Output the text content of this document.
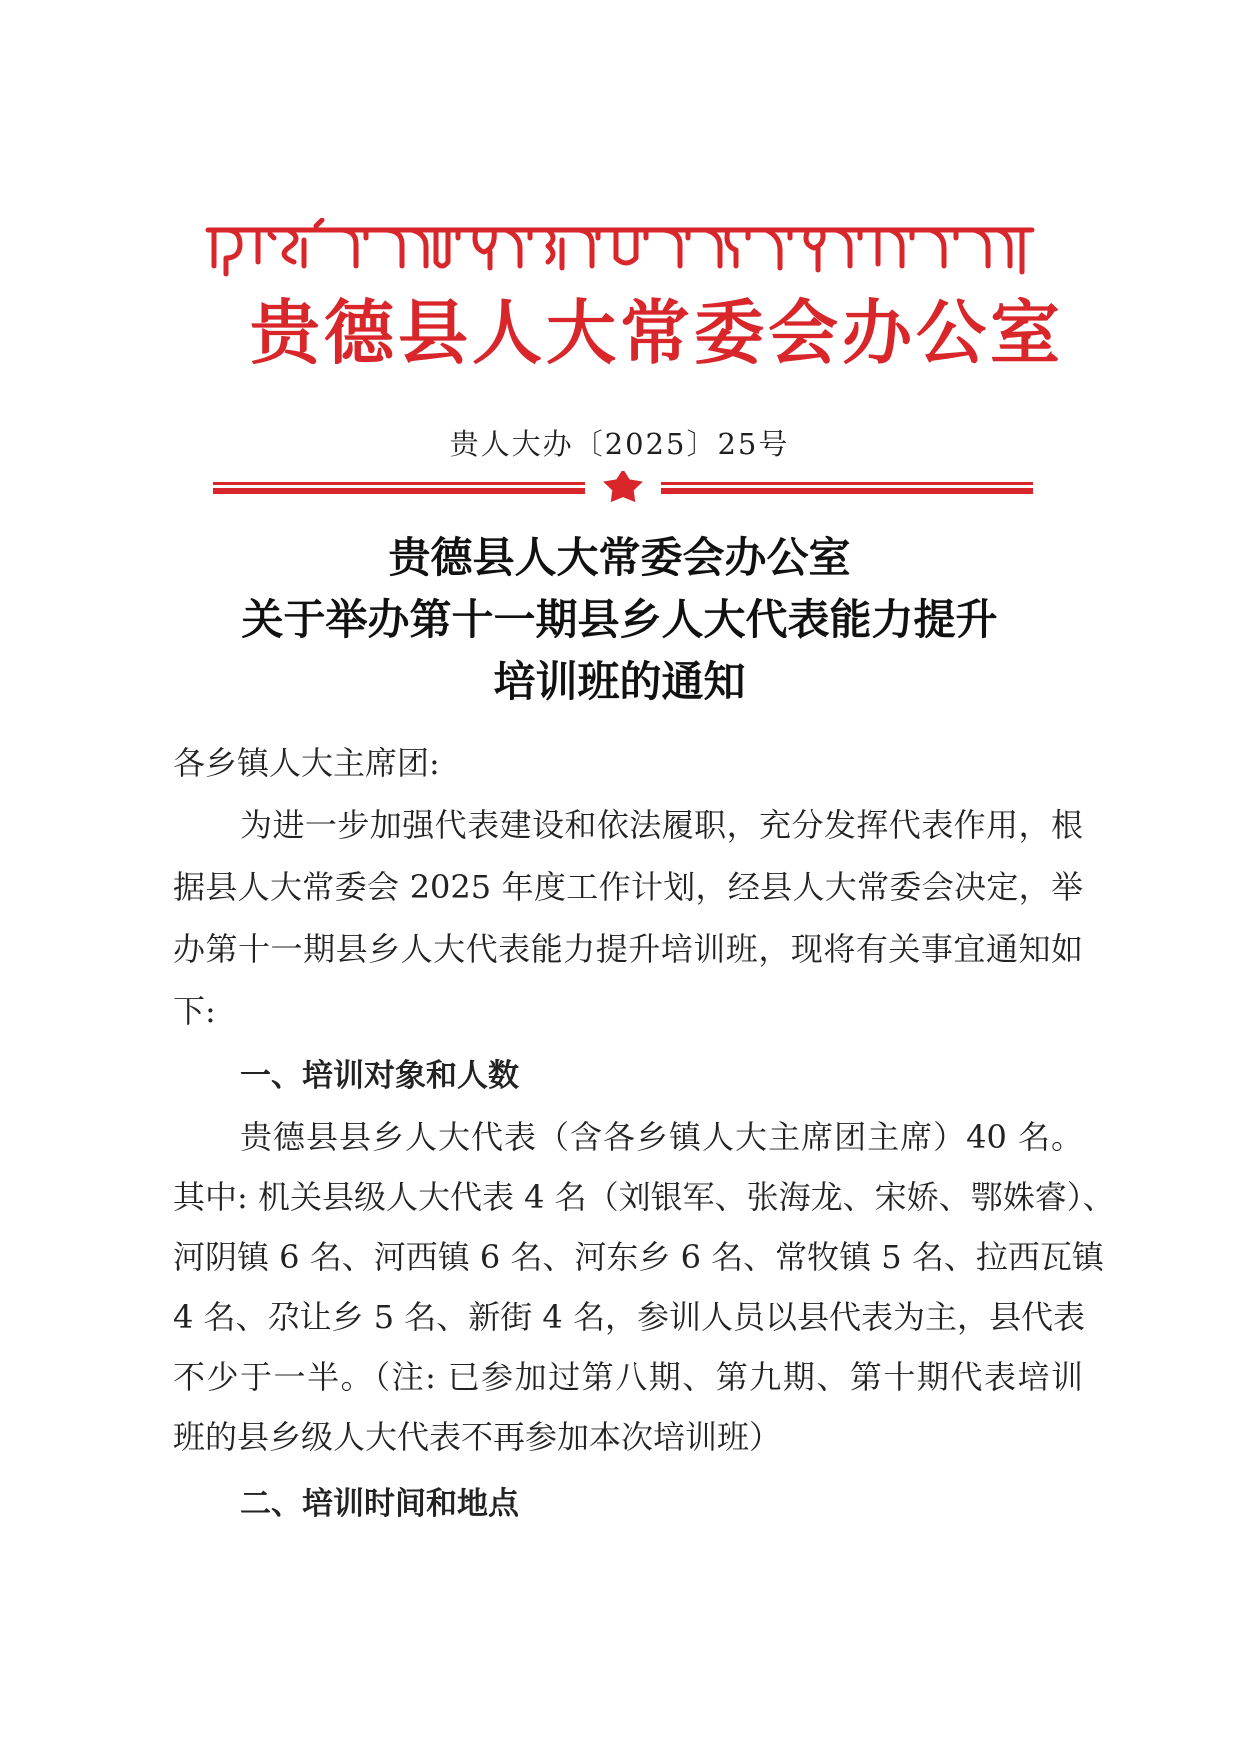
贵德县人大常委会办公室
贵人大办〔2025〕25号
贵德县人大常委会办公室
关于举办第十一期县乡人大代表能力提升
培训班的通知
各乡镇人大主席团:
为进一步加强代表建设和依法履职，充分发挥代表作用，根
据县人大常委会 2025 年度工作计划，经县人大常委会决定，举
办第十一期县乡人大代表能力提升培训班，现将有关事宜通知如
下:
一、培训对象和人数
贵德县县乡人大代表（含各乡镇人大主席团主席）40 名。
其中: 机关县级人大代表 4 名（刘银军、张海龙、宋娇、鄂姝睿）、
河阴镇 6 名、河西镇 6 名、河东乡 6 名、常牧镇 5 名、拉西瓦镇
4 名、尕让乡 5 名、新街 4 名，参训人员以县代表为主，县代表
不少于一半。（注: 已参加过第八期、第九期、第十期代表培训
班的县乡级人大代表不再参加本次培训班）
二、培训时间和地点
